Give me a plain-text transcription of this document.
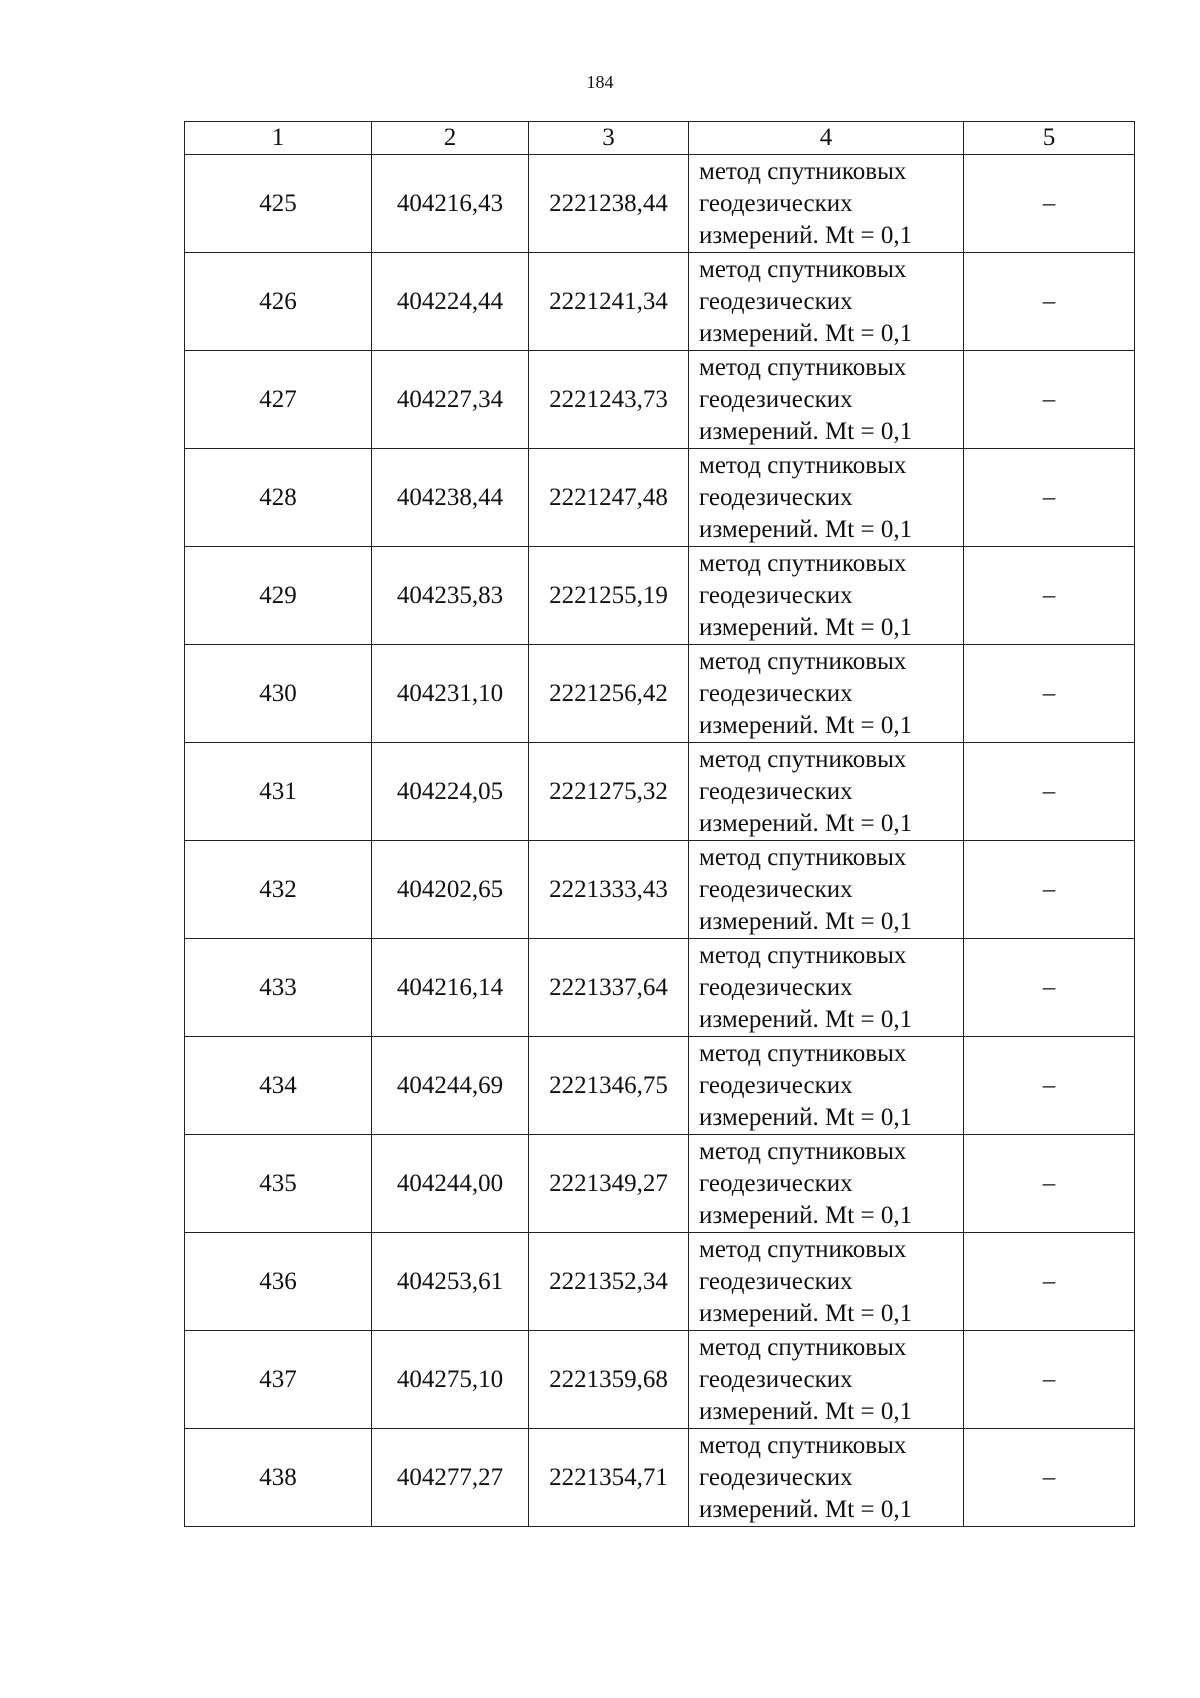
184
1	2	3	4	5
425	404216,43	2221238,44	метод спутниковых
геодезических
измерений. Mt = 0,1	–
426	404224,44	2221241,34	метод спутниковых
геодезических
измерений. Mt = 0,1	–
427	404227,34	2221243,73	метод спутниковых
геодезических
измерений. Mt = 0,1	–
428	404238,44	2221247,48	метод спутниковых
геодезических
измерений. Mt = 0,1	–
429	404235,83	2221255,19	метод спутниковых
геодезических
измерений. Mt = 0,1	–
430	404231,10	2221256,42	метод спутниковых
геодезических
измерений. Mt = 0,1	–
431	404224,05	2221275,32	метод спутниковых
геодезических
измерений. Mt = 0,1	–
432	404202,65	2221333,43	метод спутниковых
геодезических
измерений. Mt = 0,1	–
433	404216,14	2221337,64	метод спутниковых
геодезических
измерений. Mt = 0,1	–
434	404244,69	2221346,75	метод спутниковых
геодезических
измерений. Mt = 0,1	–
435	404244,00	2221349,27	метод спутниковых
геодезических
измерений. Mt = 0,1	–
436	404253,61	2221352,34	метод спутниковых
геодезических
измерений. Mt = 0,1	–
437	404275,10	2221359,68	метод спутниковых
геодезических
измерений. Mt = 0,1	–
438	404277,27	2221354,71	метод спутниковых
геодезических
измерений. Mt = 0,1	–
